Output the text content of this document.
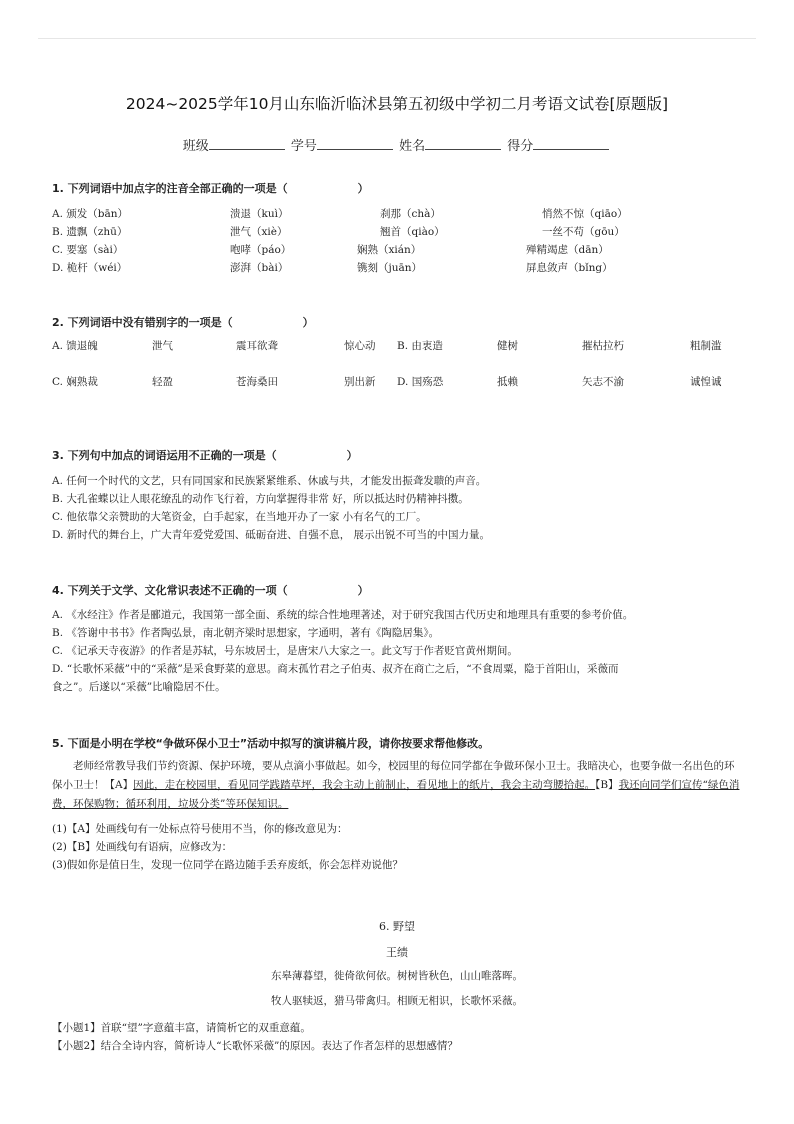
2024~2025学年10月山东临沂临沭县第五初级中学初二月考语文试卷[原题版]
班级	学号	姓名	得分
1. 下列词语中加点字的注音全部正确的一项是（	）
A. 颁发（bān）	溃退（kuì）	刹那（chà）	悄然不惊（qiāo）
B. 遗飘（zhū）	泄气（xiè）	翘首（qiào）	一丝不苟（gōu）
C. 要塞（sài）	咆哮（páo）	娴熟（xián）	殚精竭虑（dān）
D. 桅杆（wéi）	澎湃（bài）	镌刻（juān）	屏息敛声（bǐng）
2. 下列词语中没有错别字的一项是（	）
A. 馈退魄	泄气	震耳欲聋	惊心动 B. 由衷造	健树	摧枯拉朽	粗制滥
C. 娴熟裁	轻盈	苍海桑田	别出新 D. 国殇恐	抵赖	矢志不渝	诚惶诚
3. 下列句中加点的词语运用不正确的一项是（	）
A. 任何一个时代的文艺，只有同国家和民族紧紧维系、休戚与共，才能发出振聋发聩的声音。
B. 大孔雀蝶以让人眼花缭乱的动作飞行着，方向掌握得非常 好，所以抵达时仍精神抖擞。
C. 他依靠父亲赞助的大笔资金，白手起家，在当地开办了一家 小有名气的工厂。
D. 新时代的舞台上，广大青年爱党爱国、砥砺奋进、自强不息， 展示出锐不可当的中国力量。
4. 下列关于文学、文化常识表述不正确的一项（	）
A. 《水经注》作者是郦道元，我国第一部全面、系统的综合性地理著述，对于研究我国古代历史和地理具有重要的参考价值。
B. 《答谢中书书》作者陶弘景，南北朝齐梁时思想家，字通明，著有《陶隐居集》。
C. 《记承天寺夜游》的作者是苏轼，号东坡居士，是唐宋八大家之一。此文写于作者贬官黄州期间。
D. “长歌怀采薇”中的“采薇”是采食野菜的意思。商末孤竹君之子伯夷、叔齐在商亡之后，“不食周粟，隐于首阳山，采薇而
食之”。后遂以“采薇”比喻隐居不仕。
5. 下面是小明在学校“争做环保小卫士”活动中拟写的演讲稿片段，请你按要求帮他修改。
老师经常教导我们节约资源、保护环境，要从点滴小事做起。如今，校园里的每位同学都在争做环保小卫士。我暗决心，也要争做一名出色的环保小卫士！【A】因此，走在校园里，看见同学践踏草坪，我会主动上前制止，看见地上的纸片，我会主动弯腰拾起。【B】我还向同学们宣传“绿色消费，环保购物；循环利用，垃圾分类”等环保知识。
(1)【A】处画线句有一处标点符号使用不当，你的修改意见为：
(2)【B】处画线句有语病，应修改为：
(3)假如你是值日生，发现一位同学在路边随手丢弃废纸，你会怎样劝说他？
6. 野望
王绩
东皋薄暮望，徙倚欲何依。树树皆秋色，山山唯落晖。
牧人驱犊返，猎马带禽归。相顾无相识，长歌怀采薇。
【小题1】首联“望”字意蕴丰富，请简析它的双重意蕴。
【小题2】结合全诗内容，简析诗人“长歌怀采薇”的原因。表达了作者怎样的思想感情？
